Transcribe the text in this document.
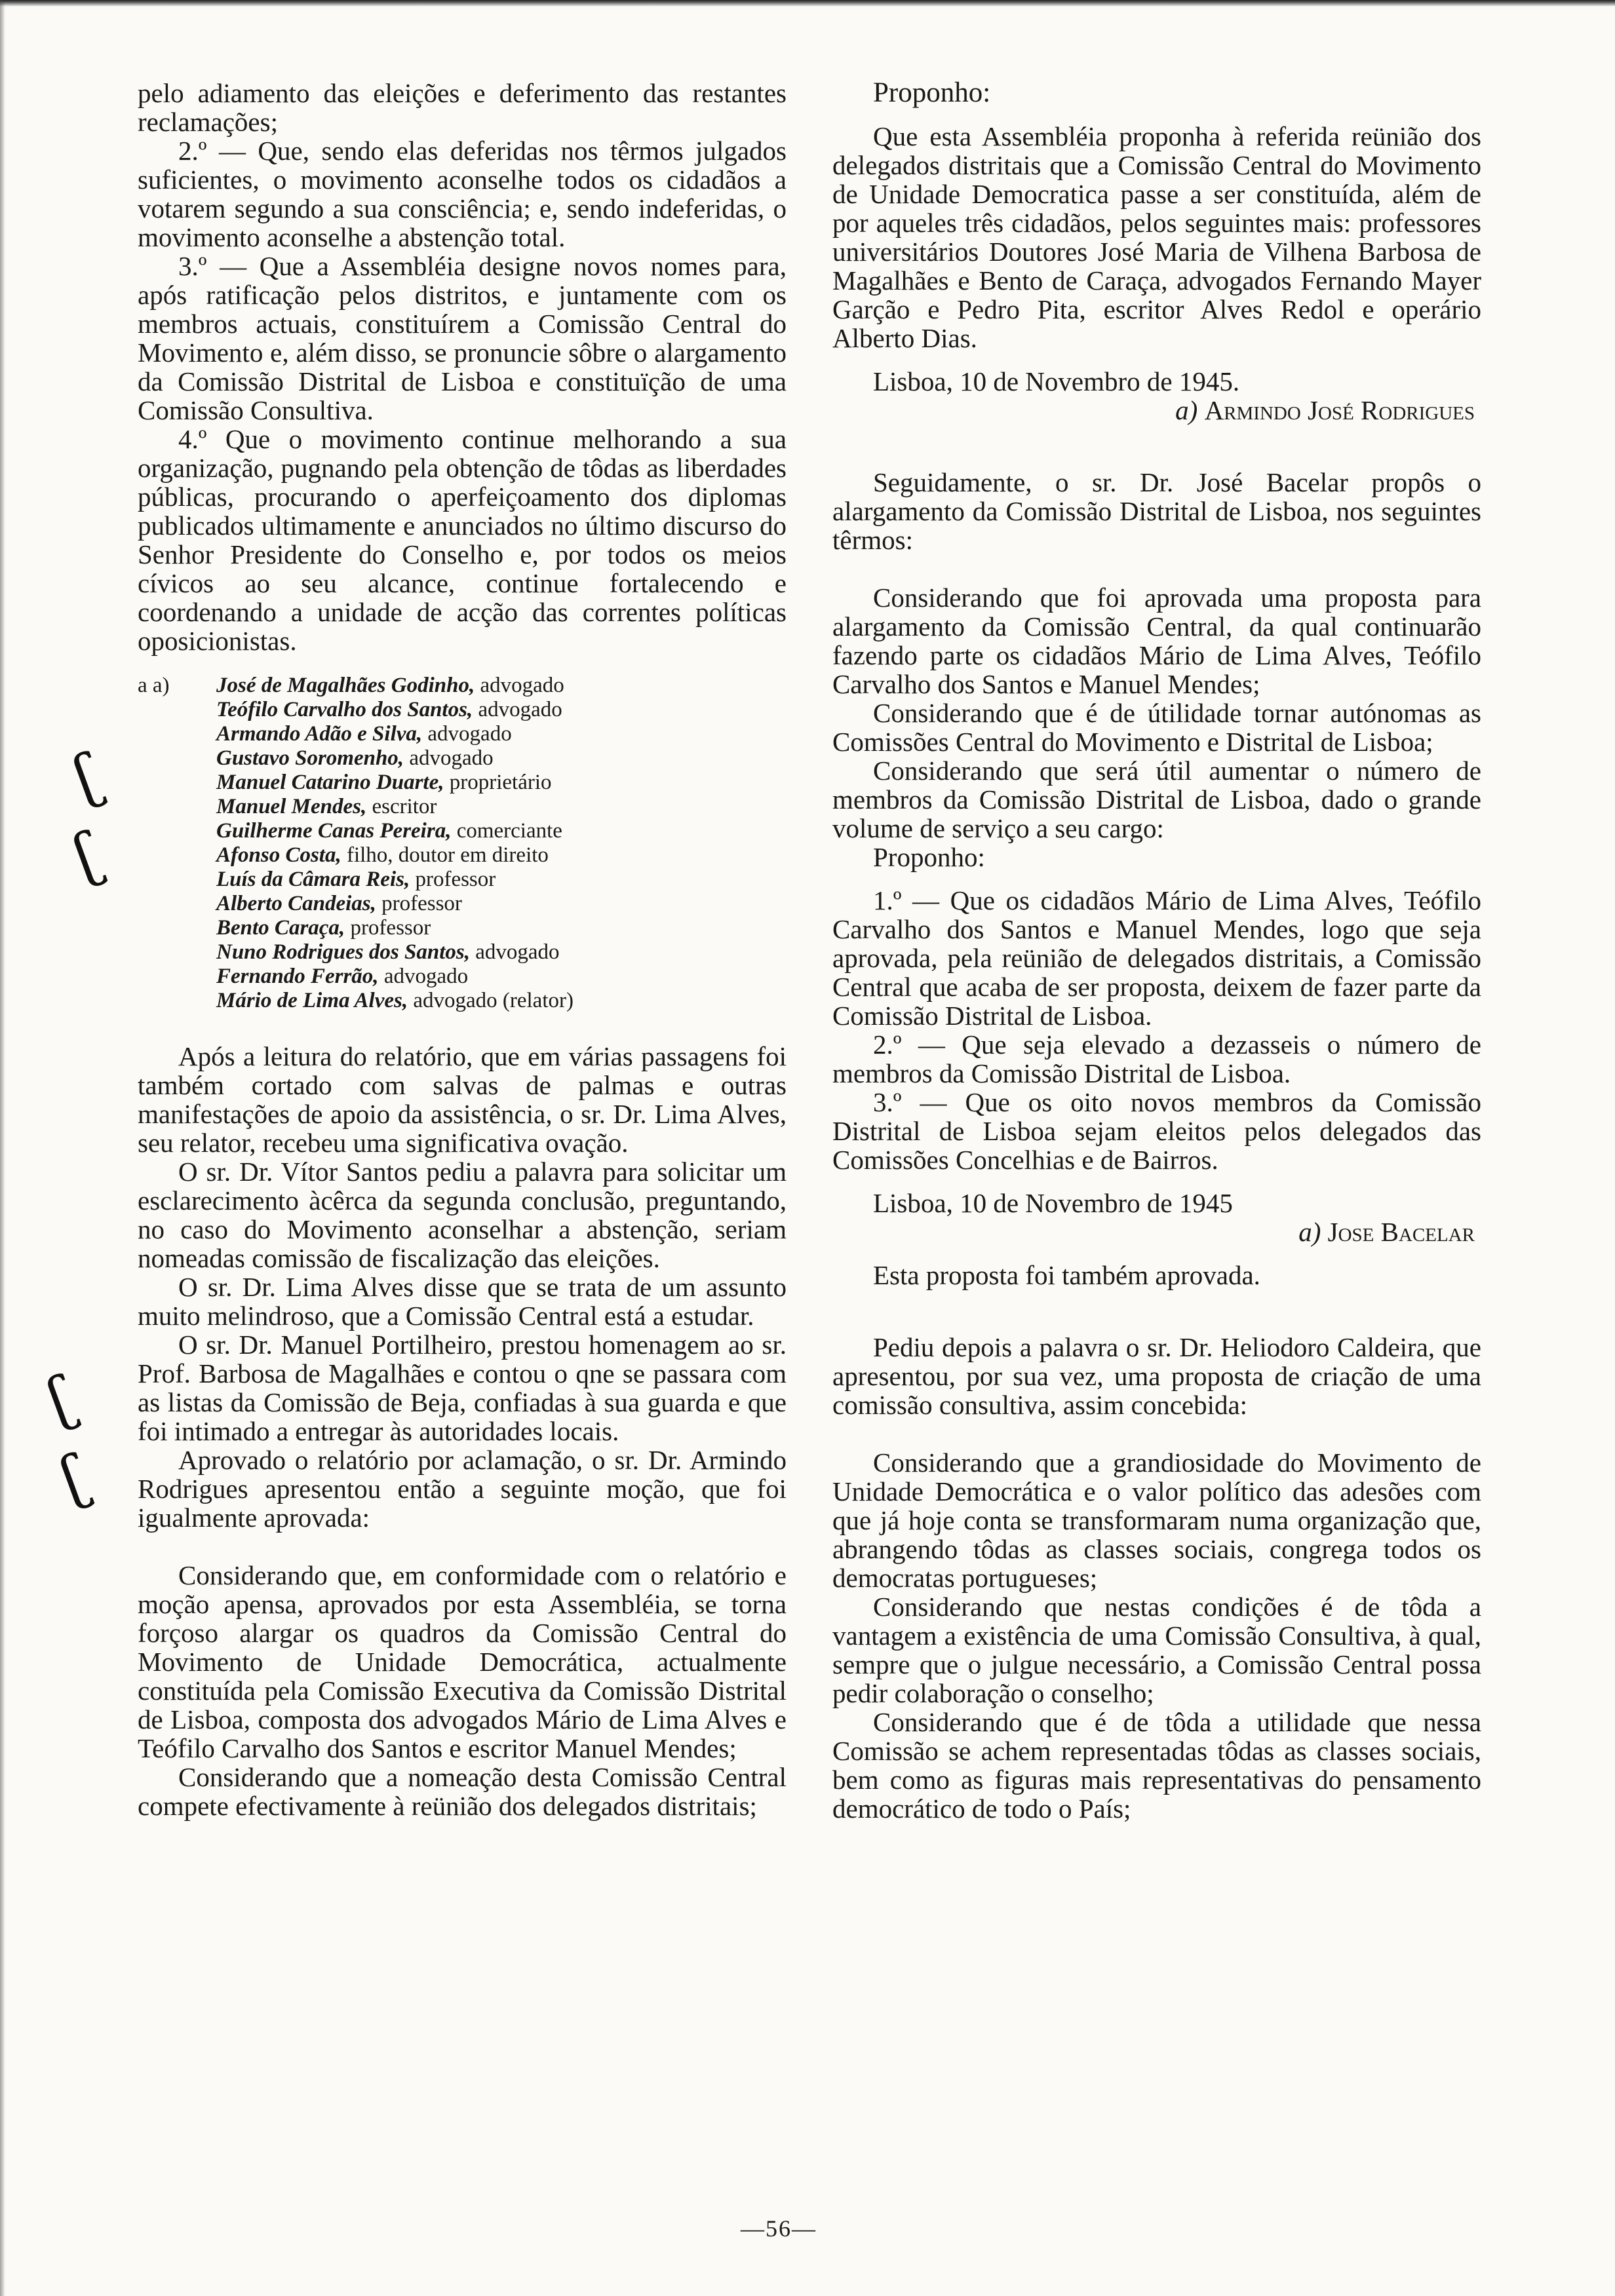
ʗ
ʗ
ʗ
ʗ

pelo adiamento das eleições e deferimento das restantes reclamações;

2.º — Que, sendo elas deferidas nos têrmos julgados suficientes, o movimento aconselhe todos os cidadãos a votarem segundo a sua consciência; e, sendo indeferidas, o movimento aconselhe a abstenção total.

3.º — Que a Assembléia designe novos nomes para, após ratificação pelos distritos, e juntamente com os membros actuais, constituírem a Comissão Central do Movimento e, além disso, se pronuncie sôbre o alargamento da Comissão Distrital de Lisboa e constituïção de uma Comissão Consultiva.

4.º Que o movimento continue melhorando a sua organização, pugnando pela obtenção de tôdas as liberdades públicas, procurando o aperfeiçoamento dos diplomas publicados ultimamente e anunciados no último discurso do Senhor Presidente do Conselho e, por todos os meios cívicos ao seu alcance, continue fortalecendo e coordenando a unidade de acção das correntes políticas oposicionistas.

a a)	José de Magalhães Godinho, advogado
Teófilo Carvalho dos Santos, advogado
Armando Adão e Silva, advogado
Gustavo Soromenho, advogado
Manuel Catarino Duarte, proprietário
Manuel Mendes, escritor
Guilherme Canas Pereira, comerciante
Afonso Costa, filho, doutor em direito
Luís da Câmara Reis, professor
Alberto Candeias, professor
Bento Caraça, professor
Nuno Rodrigues dos Santos, advogado
Fernando Ferrão, advogado
Mário de Lima Alves, advogado (relator)

Após a leitura do relatório, que em várias passagens foi também cortado com salvas de palmas e outras manifestações de apoio da assistência, o sr. Dr. Lima Alves, seu relator, recebeu uma significativa ovação.

O sr. Dr. Vítor Santos pediu a palavra para solicitar um esclarecimento àcêrca da segunda conclusão, preguntando, no caso do Movimento aconselhar a abstenção, seriam nomeadas comissão de fiscalização das eleições.

O sr. Dr. Lima Alves disse que se trata de um assunto muito melindroso, que a Comissão Central está a estudar.

O sr. Dr. Manuel Portilheiro, prestou homenagem ao sr. Prof. Barbosa de Magalhães e contou o qne se passara com as listas da Comissão de Beja, confiadas à sua guarda e que foi intimado a entregar às autoridades locais.

Aprovado o relatório por aclamação, o sr. Dr. Armindo Rodrigues apresentou então a seguinte moção, que foi igualmente aprovada:

Considerando que, em conformidade com o relatório e moção apensa, aprovados por esta Assembléia, se torna forçoso alargar os quadros da Comissão Central do Movimento de Unidade Democrática, actualmente constituída pela Comissão Executiva da Comissão Distrital de Lisboa, composta dos advogados Mário de Lima Alves e Teófilo Carvalho dos Santos e escritor Manuel Mendes;

Considerando que a nomeação desta Comissão Central compete efectivamente à reünião dos delegados distritais;

Proponho:

Que esta Assembléia proponha à referida reünião dos delegados distritais que a Comissão Central do Movimento de Unidade Democratica passe a ser constituída, além de por aqueles três cidadãos, pelos seguintes mais: professores universitários Doutores José Maria de Vilhena Barbosa de Magalhães e Bento de Caraça, advogados Fernando Mayer Garção e Pedro Pita, escritor Alves Redol e operário Alberto Dias.

Lisboa, 10 de Novembro de 1945.

a) Armindo José Rodrigues

Seguidamente, o sr. Dr. José Bacelar propôs o alargamento da Comissão Distrital de Lisboa, nos seguintes têrmos:

Considerando que foi aprovada uma proposta para alargamento da Comissão Central, da qual continuarão fazendo parte os cidadãos Mário de Lima Alves, Teófilo Carvalho dos Santos e Manuel Mendes;

Considerando que é de útilidade tornar autónomas as Comissões Central do Movimento e Distrital de Lisboa;

Considerando que será útil aumentar o número de membros da Comissão Distrital de Lisboa, dado o grande volume de serviço a seu cargo:

Proponho:

1.º — Que os cidadãos Mário de Lima Alves, Teófilo Carvalho dos Santos e Manuel Mendes, logo que seja aprovada, pela reünião de delegados distritais, a Comissão Central que acaba de ser proposta, deixem de fazer parte da Comissão Distrital de Lisboa.

2.º — Que seja elevado a dezasseis o número de membros da Comissão Distrital de Lisboa.

3.º — Que os oito novos membros da Comissão Distrital de Lisboa sejam eleitos pelos delegados das Comissões Concelhias e de Bairros.

Lisboa, 10 de Novembro de 1945

a) Jose Bacelar

Esta proposta foi também aprovada.

Pediu depois a palavra o sr. Dr. Heliodoro Caldeira, que apresentou, por sua vez, uma proposta de criação de uma comissão consultiva, assim concebida:

Considerando que a grandiosidade do Movimento de Unidade Democrática e o valor político das adesões com que já hoje conta se transformaram numa organização que, abrangendo tôdas as classes sociais, congrega todos os democratas portugueses;

Considerando que nestas condições é de tôda a vantagem a existência de uma Comissão Consultiva, à qual, sempre que o julgue necessário, a Comissão Central possa pedir colaboração o conselho;

Considerando que é de tôda a utilidade que nessa Comissão se achem representadas tôdas as classes sociais, bem como as figuras mais representativas do pensamento democrático de todo o País;

—56—
